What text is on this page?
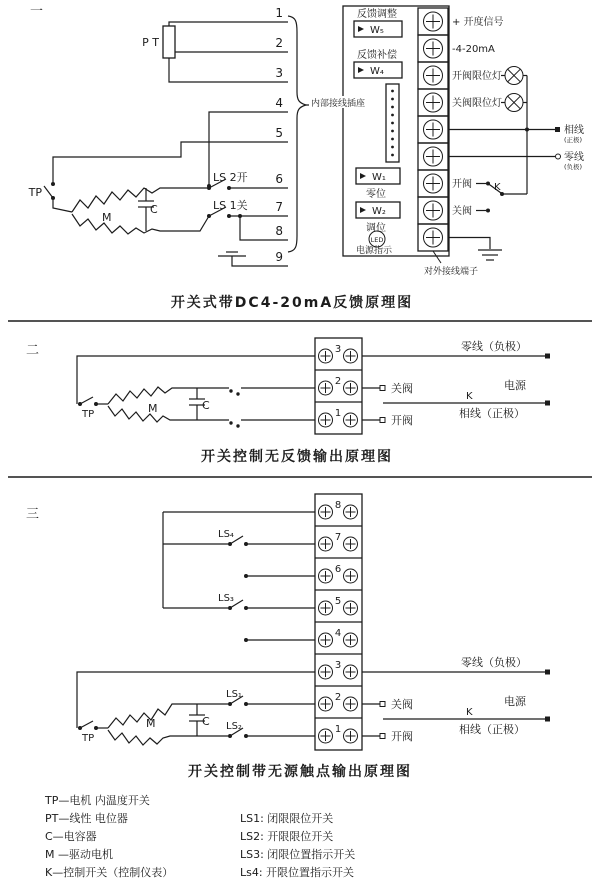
一
P T
TP
M
C
LS 2开
LS 1关
1
2
3
4
5
6
7
8
9
反馈调整
W₅
反馈补偿
W₄
内部接线插座
W₁
零位
W₂
调位
LED
电源指示
对外接线端子
+ 开度信号
-4-20mA
开阀限位灯
关阀限位灯
开阀
关阀
相线
(正极)
零线
(负极)
K
开关式带DC4-20mA反馈原理图
二
TP	M	C
3
2
1
零线（负极）
关阀
K
电源
相线（正极）
开阀
开关控制无反馈输出原理图
三
LS₄
LS₃
TP
M	C
LS₁
LS₂
8
7
6
5
4
3
2
1
零线（负极）
关阀
K
电源
相线（正极）
开阀
开关控制带无源触点输出原理图
TP—电机 内温度开关
PT—线性 电位器
C—电容器
M —驱动电机
K—控制开关（控制仪表）
LS1: 闭限限位开关
LS2: 开限限位开关
LS3: 闭限位置指示开关
Ls4: 开限位置指示开关
